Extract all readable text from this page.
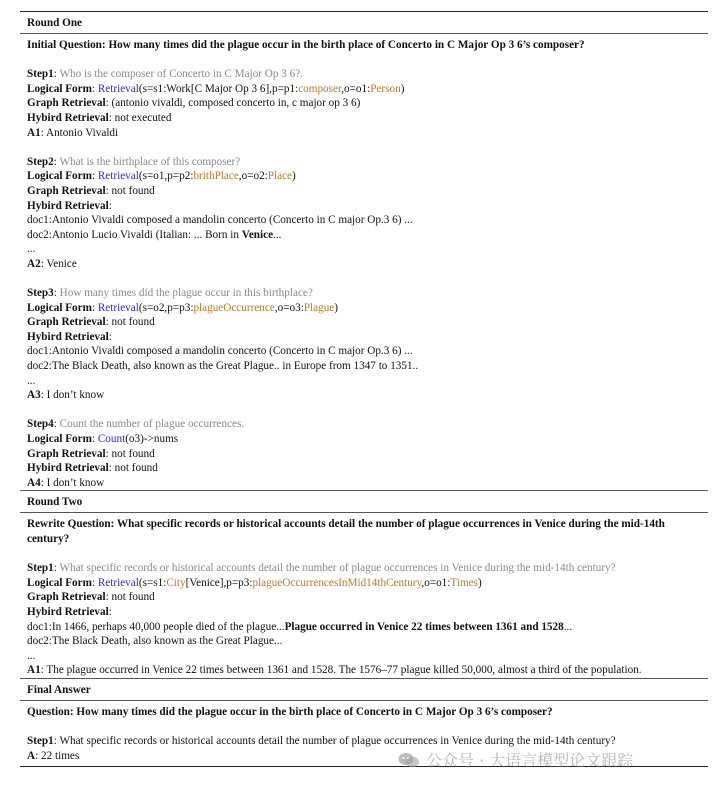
Round One
Initial Question: How many times did the plague occur in the birth place of Concerto in C Major Op 3 6’s composer?
Step1: Who is the composer of Concerto in C Major Op 3 6?.
Logical Form: Retrieval(s=s1:Work[C Major Op 3 6],p=p1:composer,o=o1:Person)
Graph Retrieval: (antonio vivaldi, composed concerto in, c major op 3 6)
Hybird Retrieval: not executed
A1: Antonio Vivaldi
Step2: What is the birthplace of this composer?
Logical Form: Retrieval(s=o1,p=p2:brithPlace,o=o2:Place)
Graph Retrieval: not found
Hybird Retrieval:
doc1:Antonio Vivaldi composed a mandolin concerto (Concerto in C major Op.3 6) ...
doc2:Antonio Lucio Vivaldi (Italian: ... Born in Venice...
...
A2: Venice
Step3: How many times did the plague occur in this birthplace?
Logical Form: Retrieval(s=o2,p=p3:plagueOccurrence,o=o3:Plague)
Graph Retrieval: not found
Hybird Retrieval:
doc1:Antonio Vivaldi composed a mandolin concerto (Concerto in C major Op.3 6) ...
doc2:The Black Death, also known as the Great Plague.. in Europe from 1347 to 1351..
...
A3: I don’t know
Step4: Count the number of plague occurrences.
Logical Form: Count(o3)->nums
Graph Retrieval: not found
Hybird Retrieval: not found
A4: I don’t know
Round Two
Rewrite Question: What specific records or historical accounts detail the number of plague occurrences in Venice during the mid-14th century?
Step1: What specific records or historical accounts detail the number of plague occurrences in Venice during the mid-14th century?
Logical Form: Retrieval(s=s1:City[Venice],p=p3:plagueOccurrencesInMid14thCentury,o=o1:Times)
Graph Retrieval: not found
Hybird Retrieval:
doc1:In 1466, perhaps 40,000 people died of the plague...Plague occurred in Venice 22 times between 1361 and 1528...
doc2:The Black Death, also known as the Great Plague...
...
A1: The plague occurred in Venice 22 times between 1361 and 1528. The 1576–77 plague killed 50,000, almost a third of the population.
Final Answer
Question: How many times did the plague occur in the birth place of Concerto in C Major Op 3 6’s composer?
Step1: What specific records or historical accounts detail the number of plague occurrences in Venice during the mid-14th century?
A: 22 times	公众号 · 大语言模型论文跟踪
